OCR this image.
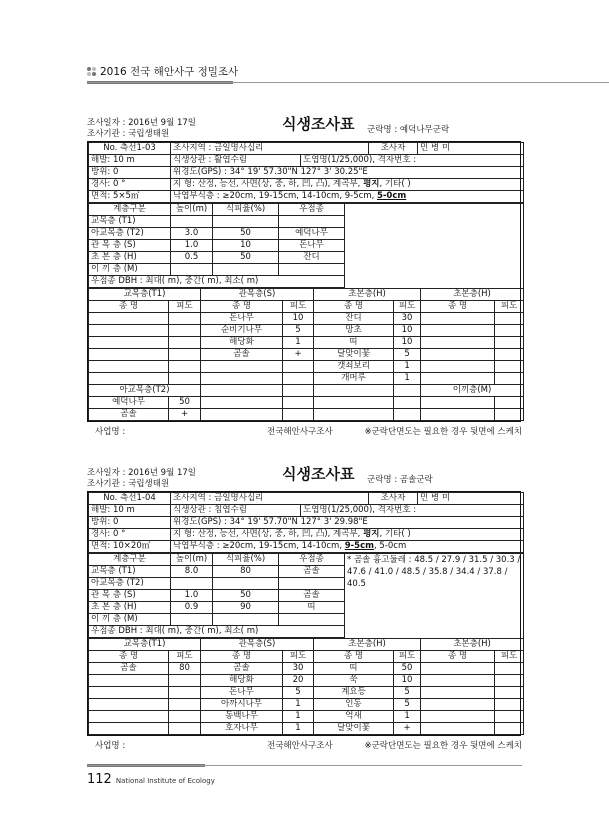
2016 전국 해안사구 정밀조사
조사일자 : 2016년 9월 17일
조사기관 : 국립생태원
식생조사표 군락명 : 예덕나무군락
No. 측선1-03	조사지역 : 금일명사십리		조사자	민 병 미
해발: 10 m	식생상관 : 활엽수림	도엽명(1/25,000), 격자번호 :		
방위: 0	위경도(GPS) : 34° 19' 57.30"N 127° 3' 30.25"E			
경사: 0 °	지 형: 산정, 능선, 사면(상, 중, 하, 凹, 凸), 계곡부, 평지, 기타( )			
면적: 5×5㎡	낙엽부식층 : ≥20cm, 19-15cm, 14-10cm, 9-5cm, 5-0cm			
계층구분	높이(m)	식피율(%)	우점종	
교목층 (T1)				
아교목층 (T2)	3.0	50	예덕나무	
관 목 층 (S)	1.0	10	돈나무	
초 본 층 (H)	0.5	50	잔디	
이 끼 층 (M)				
우점종 DBH : 최대( m), 중간( m), 최소( m)				
교목층(T1)		관목층(S)		초본층(H)		초본층(H)	
종 명	피도	종 명	피도	종 명	피도	종 명	피도
		돈나무	10	잔디	30		
		순비기나무	5	망초	10		
		해당화	1	띠	10		
		곰솔	+	달맞이꽃	5		
				갯쇠보리	1		
				개머루	1		
아교목층(T2)						이끼층(M)	
예덕나무	50						
곰솔	+						
사업명 :	전국해안사구조사	※군락단면도는 필요한 경우 뒷면에 스케치
조사일자 : 2016년 9월 17일
조사기관 : 국립생태원
식생조사표 군락명 : 곰솔군락
No. 측선1-04	조사지역 : 금일명사십리		조사자	민 병 미
해발: 10 m	식생상관 : 침엽수림	도엽명(1/25,000), 격자번호 :		
방위: 0	위경도(GPS) : 34° 19' 57.70"N 127° 3' 29.98"E			
경사: 0 °	지 형: 산정, 능선, 사면(상, 중, 하, 凹, 凸), 계곡부, 평지, 기타( )			
면적: 10×20㎡	낙엽부식층 : ≥20cm, 19-15cm, 14-10cm, 9-5cm, 5-0cm			
계층구분	높이(m)	식피율(%)	우점종	* 곰솔 흉고둘레 : 48.5 / 27.9 / 31.5 / 30.3 / 47.6 / 41.0 / 48.5 / 35.8 / 34.4 / 37.8 / 40.5
교목층 (T1)	8.0	80	곰솔	
아교목층 (T2)				
관 목 층 (S)	1.0	50	곰솔	
초 본 층 (H)	0.9	90	띠	
이 끼 층 (M)				
우점종 DBH : 최대( m), 중간( m), 최소( m)				
교목층(T1)		관목층(S)		초본층(H)		초본층(H)	
종 명	피도	종 명	피도	종 명	피도	종 명	피도
곰솔	80	곰솔	30	띠	50		
		해당화	20	쑥	10		
		돈나무	5	계요등	5		
		아까시나무	1	인동	5		
		동백나무	1	억새	1		
		호자나무	1	달맞이꽃	+		
사업명 :	전국해안사구조사	※군락단면도는 필요한 경우 뒷면에 스케치
112 National Institute of Ecology
